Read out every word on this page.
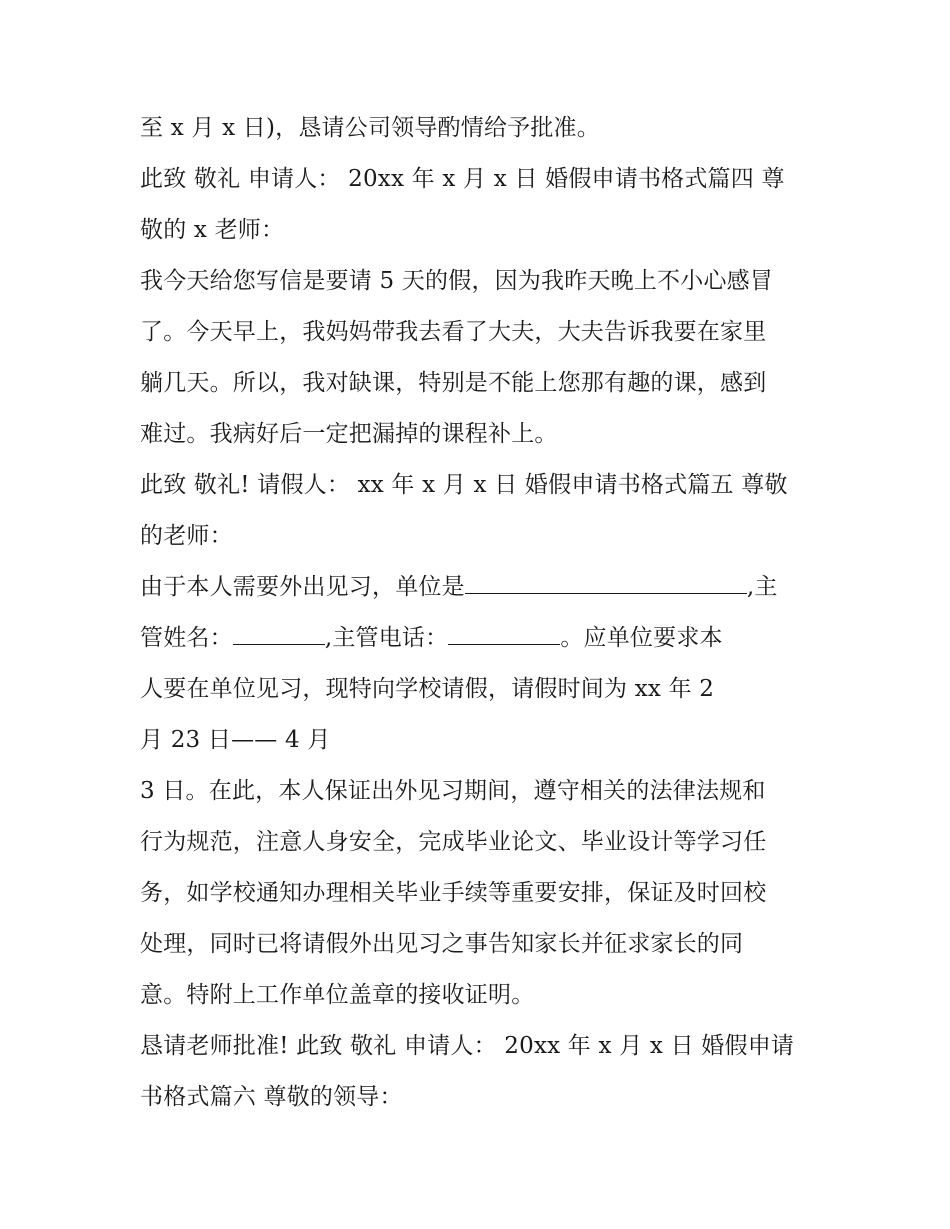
至 x 月 x 日)，恳请公司领导酌情给予批准。
此致 敬礼 申请人： 20xx 年 x 月 x 日 婚假申请书格式篇四 尊
敬的 x 老师：
我今天给您写信是要请 5 天的假，因为我昨天晚上不小心感冒
了。今天早上，我妈妈带我去看了大夫，大夫告诉我要在家里
躺几天。所以，我对缺课，特别是不能上您那有趣的课，感到
难过。我病好后一定把漏掉的课程补上。
此致 敬礼! 请假人： xx 年 x 月 x 日 婚假申请书格式篇五 尊敬
的老师：
由于本人需要外出见习，单位是	,主
管姓名：	,主管电话：	。应单位要求本
人要在单位见习，现特向学校请假，请假时间为 xx 年 2
月 23 日—— 4 月
3 日。在此，本人保证出外见习期间，遵守相关的法律法规和
行为规范，注意人身安全，完成毕业论文、毕业设计等学习任
务，如学校通知办理相关毕业手续等重要安排，保证及时回校
处理，同时已将请假外出见习之事告知家长并征求家长的同
意。特附上工作单位盖章的接收证明。
恳请老师批准! 此致 敬礼 申请人： 20xx 年 x 月 x 日 婚假申请
书格式篇六 尊敬的领导：
